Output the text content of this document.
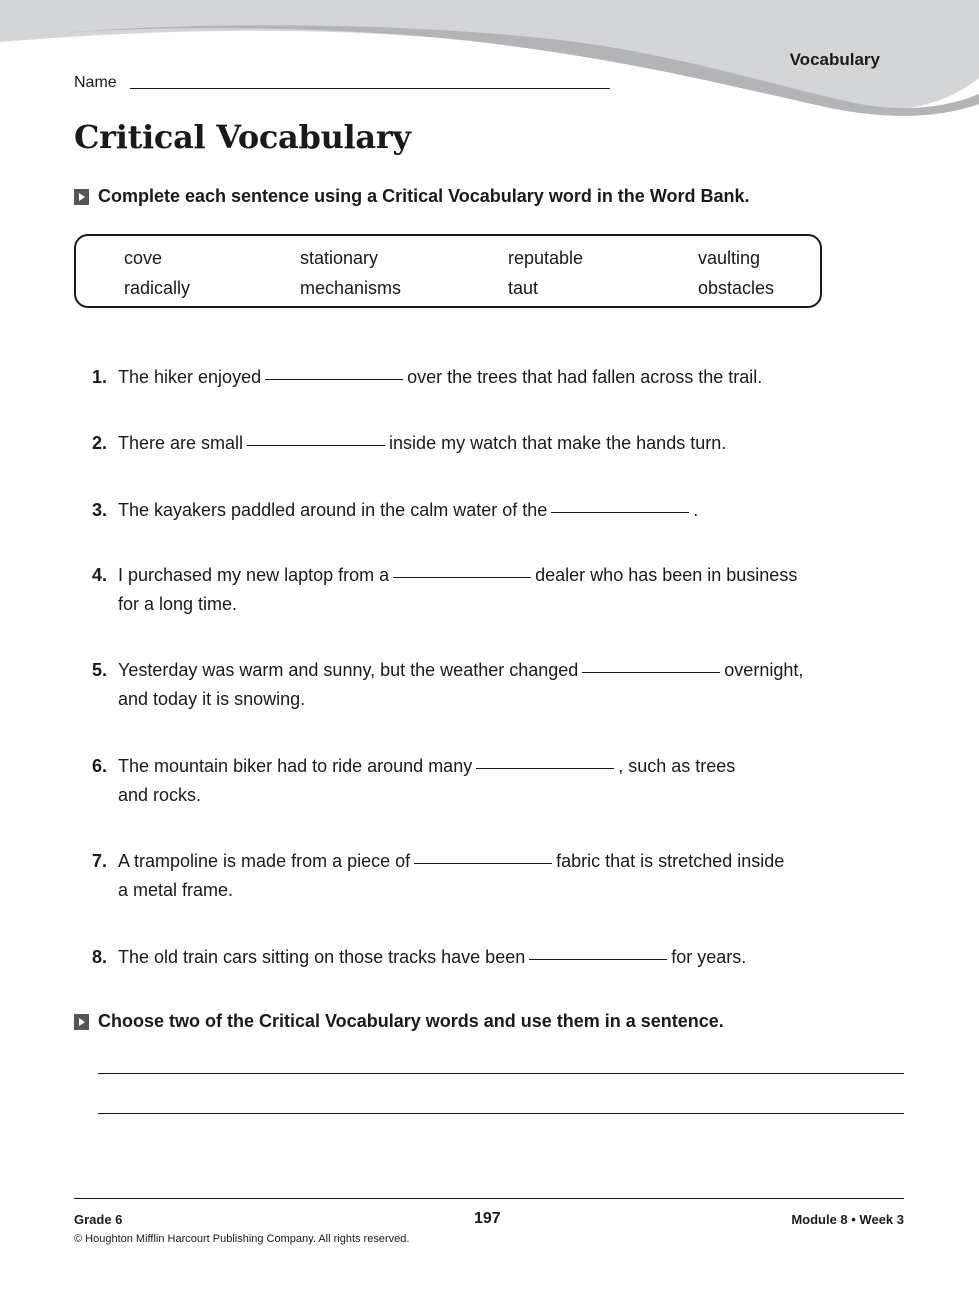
Vocabulary
Name
Critical Vocabulary
Complete each sentence using a Critical Vocabulary word in the Word Bank.
cove	stationary	reputable	vaulting
radically	mechanisms	taut	obstacles
1. The hiker enjoyed	over the trees that had fallen across the trail.
2. There are small	inside my watch that make the hands turn.
3. The kayakers paddled around in the calm water of the	.
4. I purchased my new laptop from a	dealer who has been in business
for a long time.
5. Yesterday was warm and sunny, but the weather changed	overnight,
and today it is snowing.
6. The mountain biker had to ride around many	, such as trees
and rocks.
7. A trampoline is made from a piece of	fabric that is stretched inside
a metal frame.
8. The old train cars sitting on those tracks have been	for years.
Choose two of the Critical Vocabulary words and use them in a sentence.
Grade 6	197	Module 8 • Week 3
© Houghton Mifflin Harcourt Publishing Company. All rights reserved.
